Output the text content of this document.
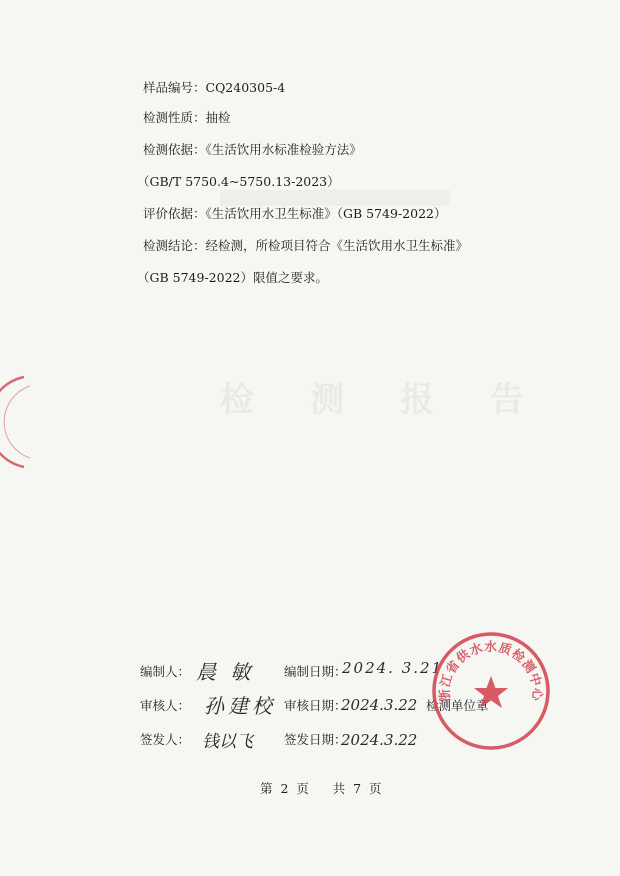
检测报告
样品编号：CQ240305-4
检测性质：抽检
检测依据：《生活饮用水标准检验方法》
（GB/T 5750.4~5750.13-2023）
评价依据：《生活饮用水卫生标准》（GB 5749-2022）
检测结论：经检测，所检项目符合《生活饮用水卫生标准》
（GB 5749-2022）限值之要求。
编制人： 晨 敏 编制日期：
2024. 3.21
审核人： 孙建校 审核日期：
2024.3.22 检测单位章
签发人： 钱以飞 签发日期：
2024.3.22
浙江省供水水质检测中心
第  2  页      共  7  页
